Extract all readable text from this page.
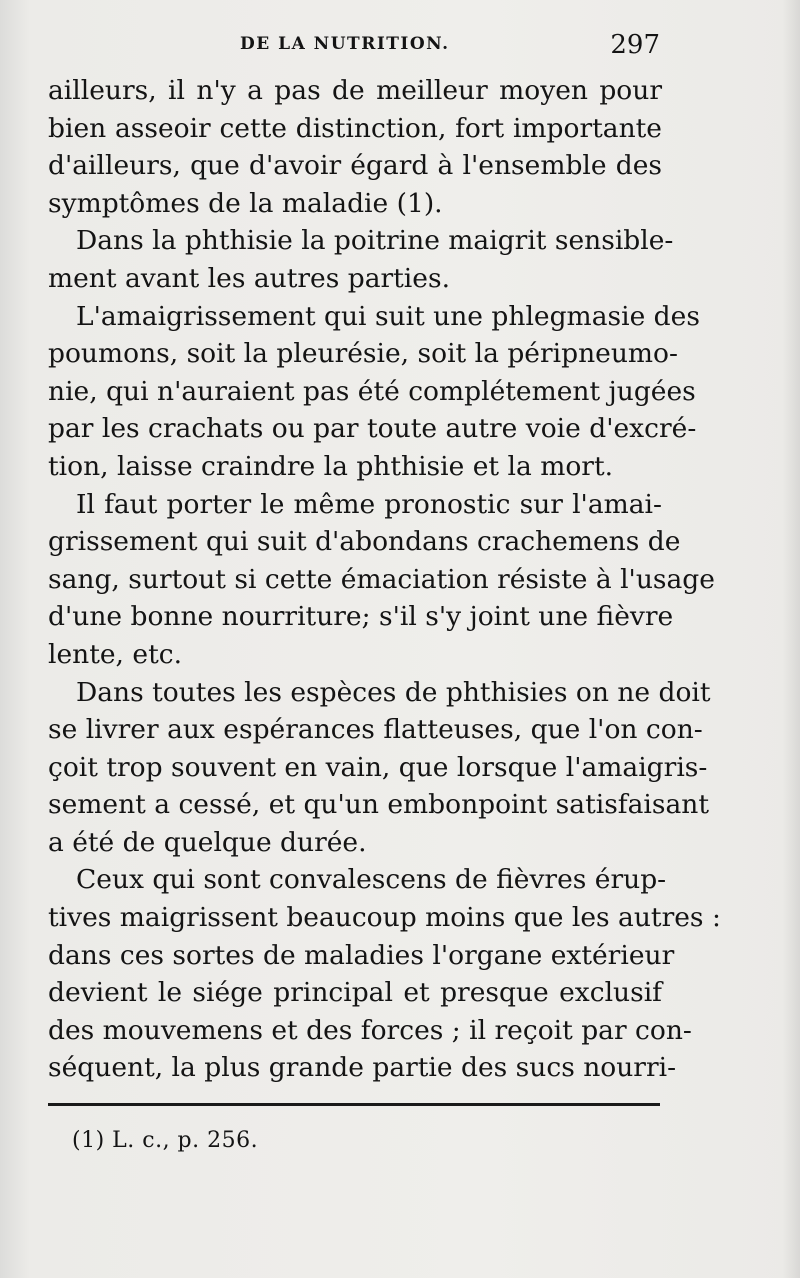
DE LA NUTRITION.	297
ailleurs, il n'y a pas de meilleur moyen pour
bien asseoir cette distinction, fort importante
d'ailleurs, que d'avoir égard à l'ensemble des
symptômes de la maladie (1).
Dans la phthisie la poitrine maigrit sensible-
ment avant les autres parties.
L'amaigrissement qui suit une phlegmasie des
poumons, soit la pleurésie, soit la péripneumo-
nie, qui n'auraient pas été complétement jugées
par les crachats ou par toute autre voie d'excré-
tion, laisse craindre la phthisie et la mort.
Il faut porter le même pronostic sur l'amai-
grissement qui suit d'abondans crachemens de
sang, surtout si cette émaciation résiste à l'usage
d'une bonne nourriture; s'il s'y joint une fièvre
lente, etc.
Dans toutes les espèces de phthisies on ne doit
se livrer aux espérances flatteuses, que l'on con-
çoit trop souvent en vain, que lorsque l'amaigris-
sement a cessé, et qu'un embonpoint satisfaisant
a été de quelque durée.
Ceux qui sont convalescens de fièvres érup-
tives maigrissent beaucoup moins que les autres :
dans ces sortes de maladies l'organe extérieur
devient le siége principal et presque exclusif
des mouvemens et des forces ; il reçoit par con-
séquent, la plus grande partie des sucs nourri-
(1) L. c., p. 256.
